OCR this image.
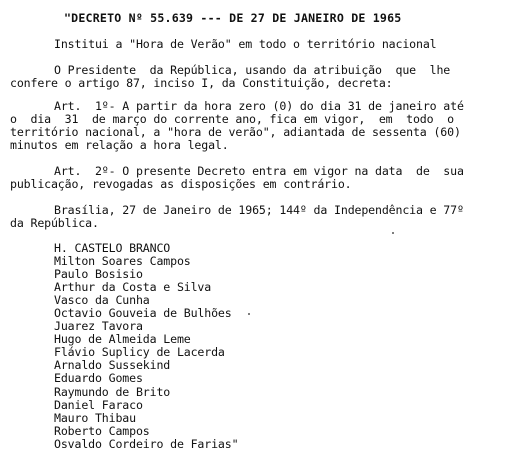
"DECRETO Nº 55.639 --- DE 27 DE JANEIRO DE 1965
Institui a "Hora de Verão" em todo o território nacional
O Presidente  da República, usando da atribuição  que  lhe
confere o artigo 87, inciso I, da Constituição, decreta:
Art.  1º- A partir da hora zero (0) do dia 31 de janeiro até
o  dia  31  de março do corrente ano, fica em vigor,  em  todo  o
território nacional, a "hora de verão", adiantada de sessenta (60)
minutos em relação a hora legal.
Art.  2º- O presente Decreto entra em vigor na data  de  sua
publicação, revogadas as disposições em contrário.
Brasília, 27 de Janeiro de 1965; 144º da Independência e 77º
da República.
H. CASTELO BRANCO
Milton Soares Campos
Paulo Bosisio
Arthur da Costa e Silva
Vasco da Cunha
Octavio Gouveia de Bulhões
Juarez Tavora
Hugo de Almeida Leme
Flávio Suplicy de Lacerda
Arnaldo Sussekind
Eduardo Gomes
Raymundo de Brito
Daniel Faraco
Mauro Thibau
Roberto Campos
Osvaldo Cordeiro de Farias"
